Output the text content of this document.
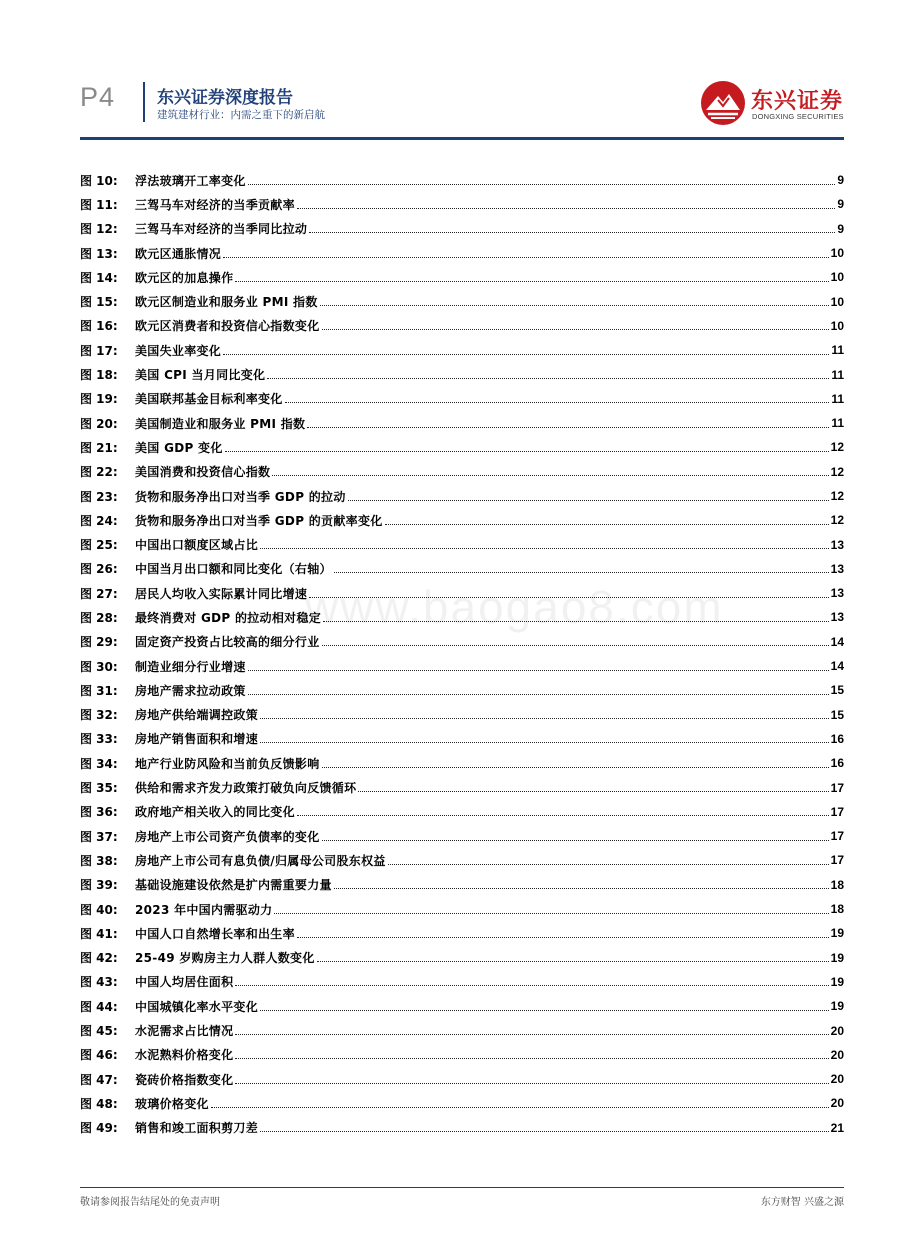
P4 东兴证券深度报告
建筑建材行业：内需之重下的新启航
东兴证券
DONGXING SECURITIES
www.baogao8.com
图 10:	浮法玻璃开工率变化	9
图 11:	三驾马车对经济的当季贡献率	9
图 12:	三驾马车对经济的当季同比拉动	9
图 13:	欧元区通胀情况	10
图 14:	欧元区的加息操作	10
图 15:	欧元区制造业和服务业 PMI 指数	10
图 16:	欧元区消费者和投资信心指数变化	10
图 17:	美国失业率变化	11
图 18:	美国 CPI 当月同比变化	11
图 19:	美国联邦基金目标利率变化	11
图 20:	美国制造业和服务业 PMI 指数	11
图 21:	美国 GDP 变化	12
图 22:	美国消费和投资信心指数	12
图 23:	货物和服务净出口对当季 GDP 的拉动	12
图 24:	货物和服务净出口对当季 GDP 的贡献率变化	12
图 25:	中国出口额度区域占比	13
图 26:	中国当月出口额和同比变化（右轴）	13
图 27:	居民人均收入实际累计同比增速	13
图 28:	最终消费对 GDP 的拉动相对稳定	13
图 29:	固定资产投资占比较高的细分行业	14
图 30:	制造业细分行业增速	14
图 31:	房地产需求拉动政策	15
图 32:	房地产供给端调控政策	15
图 33:	房地产销售面积和增速	16
图 34:	地产行业防风险和当前负反馈影响	16
图 35:	供给和需求齐发力政策打破负向反馈循环	17
图 36:	政府地产相关收入的同比变化	17
图 37:	房地产上市公司资产负债率的变化	17
图 38:	房地产上市公司有息负债/归属母公司股东权益	17
图 39:	基础设施建设依然是扩内需重要力量	18
图 40:	2023 年中国内需驱动力	18
图 41:	中国人口自然增长率和出生率	19
图 42:	25-49 岁购房主力人群人数变化	19
图 43:	中国人均居住面积	19
图 44:	中国城镇化率水平变化	19
图 45:	水泥需求占比情况	20
图 46:	水泥熟料价格变化	20
图 47:	瓷砖价格指数变化	20
图 48:	玻璃价格变化	20
图 49:	销售和竣工面积剪刀差	21
敬请参阅报告结尾处的免责声明	东方财智 兴盛之源
